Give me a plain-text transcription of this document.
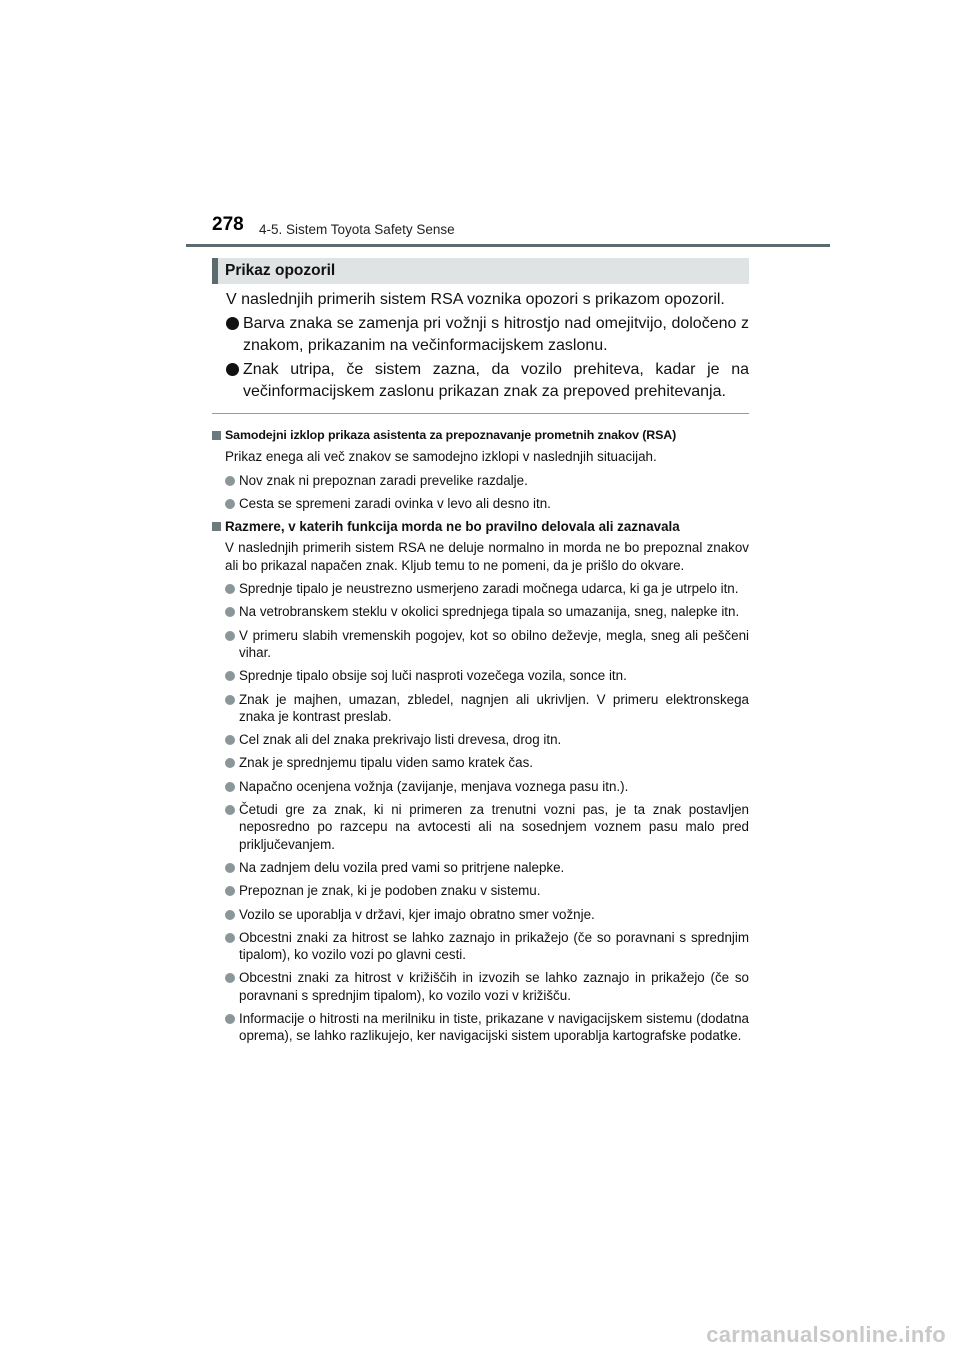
278 4-5. Sistem Toyota Safety Sense
Prikaz opozoril

V naslednjih primerih sistem RSA voznika opozori s prikazom opozoril.

Barva znaka se zamenja pri vožnji s hitrostjo nad omejitvijo, določeno z znakom, prikazanim na večinformacijskem zaslonu.
Znak utripa, če sistem zazna, da vozilo prehiteva, kadar je na večinformacijskem zaslonu prikazan znak za prepoved prehitevanja.
Samodejni izklop prikaza asistenta za prepoznavanje prometnih znakov (RSA)
Prikaz enega ali več znakov se samodejno izklopi v naslednjih situacijah.
Nov znak ni prepoznan zaradi prevelike razdalje.
Cesta se spremeni zaradi ovinka v levo ali desno itn.
Razmere, v katerih funkcija morda ne bo pravilno delovala ali zaznavala
V naslednjih primerih sistem RSA ne deluje normalno in morda ne bo prepoznal znakov ali bo prikazal napačen znak. Kljub temu to ne pomeni, da je prišlo do okvare.
Sprednje tipalo je neustrezno usmerjeno zaradi močnega udarca, ki ga je utrpelo itn.
Na vetrobranskem steklu v okolici sprednjega tipala so umazanija, sneg, nalepke itn.
V primeru slabih vremenskih pogojev, kot so obilno deževje, megla, sneg ali peščeni vihar.
Sprednje tipalo obsije soj luči nasproti vozečega vozila, sonce itn.
Znak je majhen, umazan, zbledel, nagnjen ali ukrivljen. V primeru elektronskega znaka je kontrast preslab.
Cel znak ali del znaka prekrivajo listi drevesa, drog itn.
Znak je sprednjemu tipalu viden samo kratek čas.
Napačno ocenjena vožnja (zavijanje, menjava voznega pasu itn.).
Četudi gre za znak, ki ni primeren za trenutni vozni pas, je ta znak postavljen neposredno po razcepu na avtocesti ali na sosednjem voznem pasu malo pred priključevanjem.
Na zadnjem delu vozila pred vami so pritrjene nalepke.
Prepoznan je znak, ki je podoben znaku v sistemu.
Vozilo se uporablja v državi, kjer imajo obratno smer vožnje.
Obcestni znaki za hitrost se lahko zaznajo in prikažejo (če so poravnani s sprednjim tipalom), ko vozilo vozi po glavni cesti.
Obcestni znaki za hitrost v križiščih in izvozih se lahko zaznajo in prikažejo (če so poravnani s sprednjim tipalom), ko vozilo vozi v križišču.
Informacije o hitrosti na merilniku in tiste, prikazane v navigacijskem sistemu (dodatna oprema), se lahko razlikujejo, ker navigacijski sistem uporablja kartografske podatke.
carmanualsonline.info
